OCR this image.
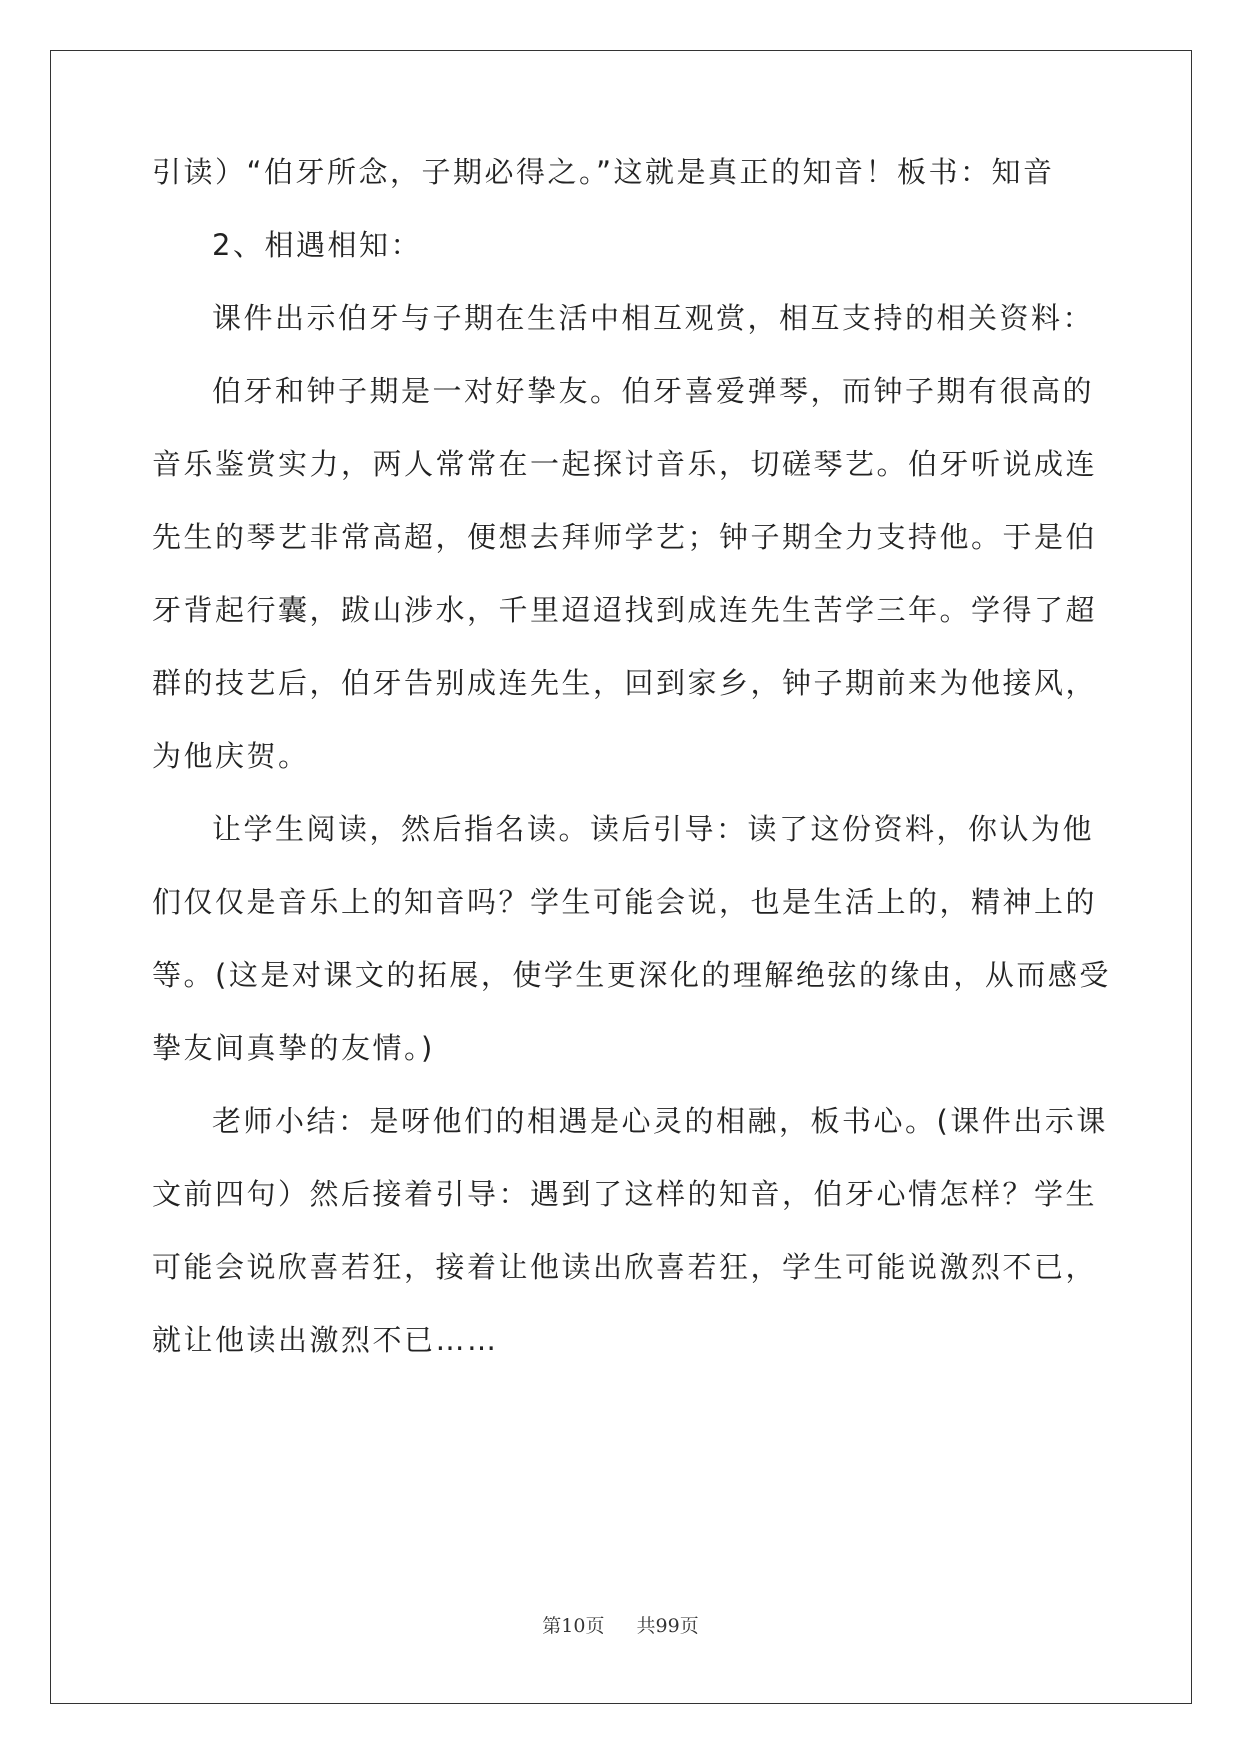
引读）“伯牙所念，子期必得之。”这就是真正的知音！板书：知音

2、相遇相知：

课件出示伯牙与子期在生活中相互观赏，相互支持的相关资料：

伯牙和钟子期是一对好挚友。伯牙喜爱弹琴，而钟子期有很高的

音乐鉴赏实力，两人常常在一起探讨音乐，切磋琴艺。伯牙听说成连

先生的琴艺非常高超，便想去拜师学艺；钟子期全力支持他。于是伯

牙背起行囊，跋山涉水，千里迢迢找到成连先生苦学三年。学得了超

群的技艺后，伯牙告别成连先生，回到家乡，钟子期前来为他接风，

为他庆贺。

让学生阅读，然后指名读。读后引导：读了这份资料，你认为他

们仅仅是音乐上的知音吗？学生可能会说，也是生活上的，精神上的

等。(这是对课文的拓展，使学生更深化的理解绝弦的缘由，从而感受

挚友间真挚的友情。)

老师小结：是呀他们的相遇是心灵的相融，板书心。(课件出示课

文前四句）然后接着引导：遇到了这样的知音，伯牙心情怎样？学生

可能会说欣喜若狂，接着让他读出欣喜若狂，学生可能说激烈不已，

就让他读出激烈不已……

第10页 共99页
